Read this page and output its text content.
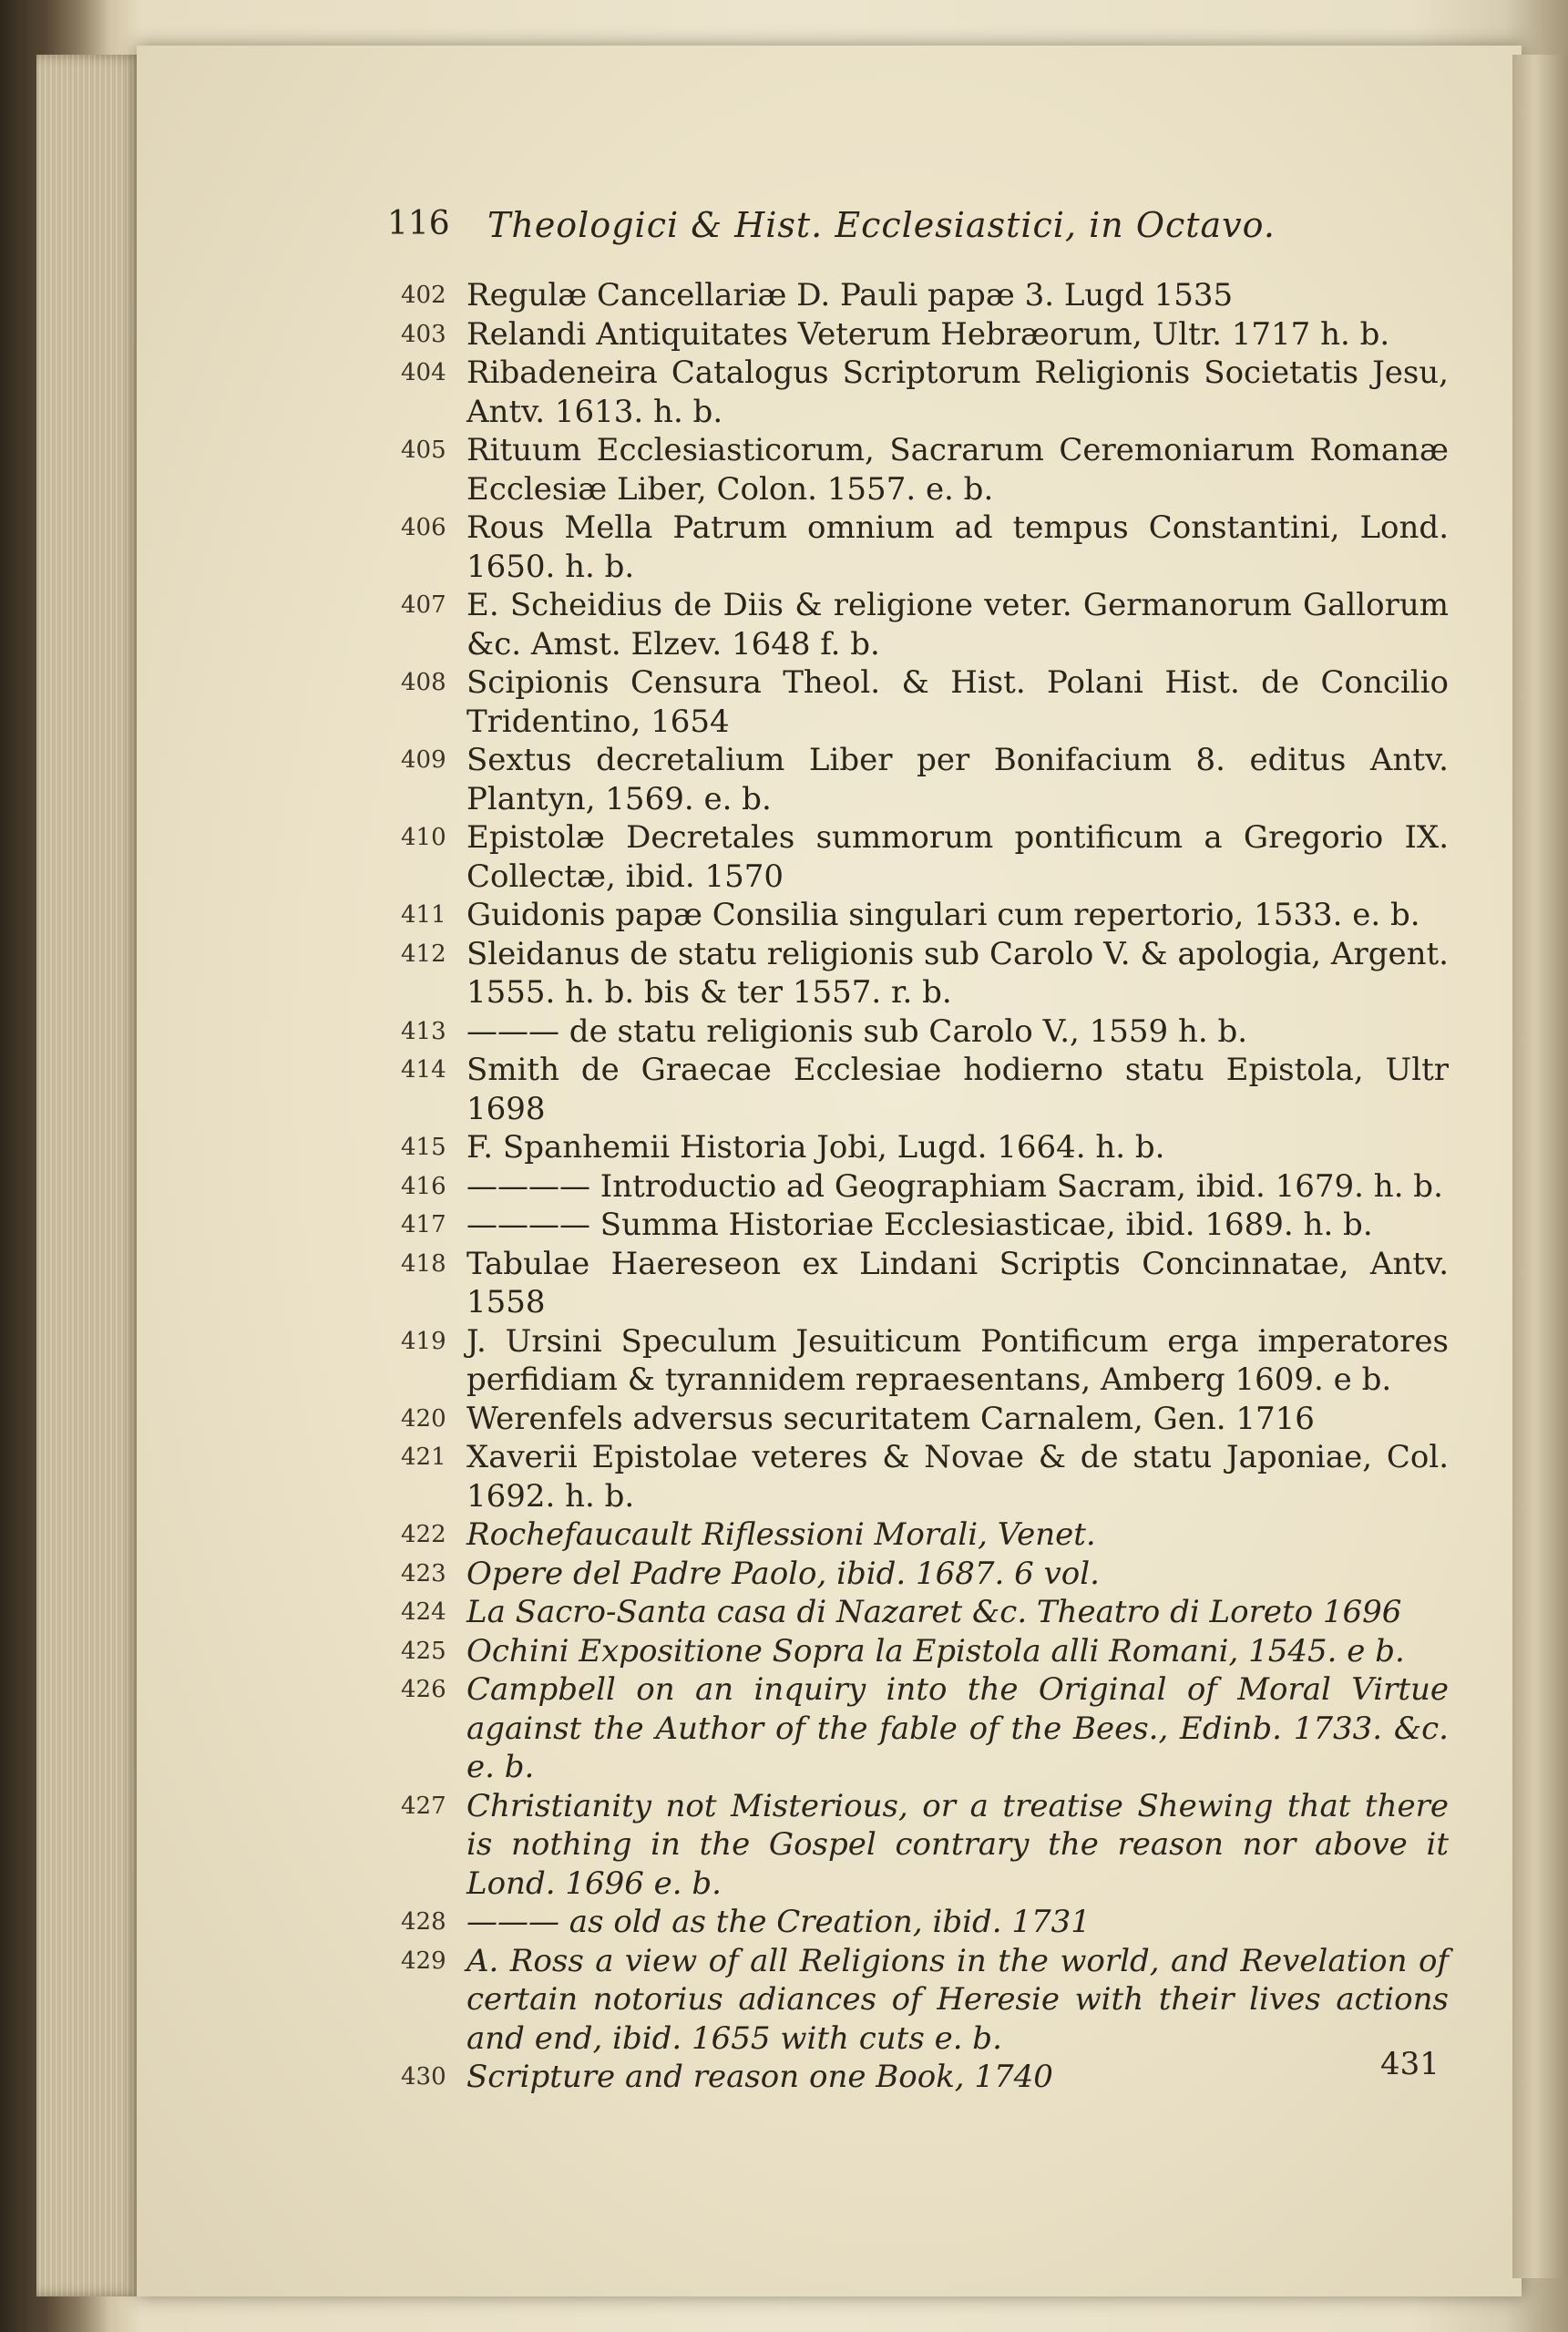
116 Theologici & Hist. Ecclesiastici, in Octavo.
402 Regulæ Cancellariæ D. Pauli papæ 3. Lugd 1535
403 Relandi Antiquitates Veterum Hebræorum, Ultr. 1717 h. b.
404 Ribadeneira Catalogus Scriptorum Religionis Societatis Jesu, Antv. 1613. h. b.
405 Rituum Ecclesiasticorum, Sacrarum Ceremoniarum Romanæ Ecclesiæ Liber, Colon. 1557. e. b.
406 Rous Mella Patrum omnium ad tempus Constantini, Lond. 1650. h. b.
407 E. Scheidius de Diis & religione veter. Germanorum Gallorum &c. Amst. Elzev. 1648 f. b.
408 Scipionis Censura Theol. & Hist. Polani Hist. de Concilio Tridentino, 1654
409 Sextus decretalium Liber per Bonifacium 8. editus Antv. Plantyn, 1569. e. b.
410 Epistolæ Decretales summorum pontificum a Gregorio IX. Collectæ, ibid. 1570
411 Guidonis papæ Consilia singulari cum repertorio, 1533. e. b.
412 Sleidanus de statu religionis sub Carolo V. & apologia, Argent. 1555. h. b. bis & ter 1557. r. b.
413 ——— de statu religionis sub Carolo V., 1559 h. b.
414 Smith de Graecae Ecclesiae hodierno statu Epistola, Ultr 1698
415 F. Spanhemii Historia Jobi, Lugd. 1664. h. b.
416 ———— Introductio ad Geographiam Sacram, ibid. 1679. h. b.
417 ———— Summa Historiae Ecclesiasticae, ibid. 1689. h. b.
418 Tabulae Haereseon ex Lindani Scriptis Concinnatae, Antv. 1558
419 J. Ursini Speculum Jesuiticum Pontificum erga imperatores perfidiam & tyrannidem repraesentans, Amberg 1609. e b.
420 Werenfels adversus securitatem Carnalem, Gen. 1716
421 Xaverii Epistolae veteres & Novae & de statu Japoniae, Col. 1692. h. b.
422 Rochefaucault Riflessioni Morali, Venet.
423 Opere del Padre Paolo, ibid. 1687. 6 vol.
424 La Sacro-Santa casa di Nazaret &c. Theatro di Loreto 1696
425 Ochini Expositione Sopra la Epistola alli Romani, 1545. e b.
426 Campbell on an inquiry into the Original of Moral Virtue against the Author of the fable of the Bees., Edinb. 1733. &c. e. b.
427 Christianity not Misterious, or a treatise Shewing that there is nothing in the Gospel contrary the reason nor above it Lond. 1696 e. b.
428 ——— as old as the Creation, ibid. 1731
429 A. Ross a view of all Religions in the world, and Revelation of certain notorius adiances of Heresie with their lives actions and end, ibid. 1655 with cuts e. b.
430 Scripture and reason one Book, 1740	431
